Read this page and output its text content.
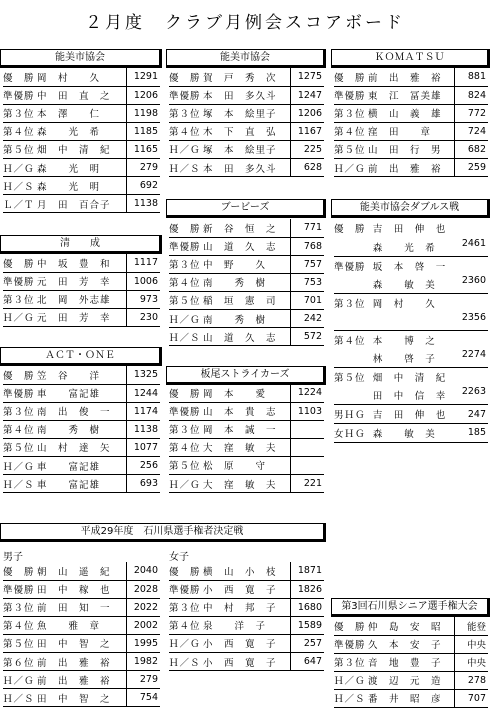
２月度　クラブ月例会スコアボード
能美市協会
優　勝	岡　村　　久	1291
準優勝	中　田　直　之	1206
第３位	本　澤　　仁	1198
第４位	森　　光　希	1185
第５位	畑　中　清　紀	1165
Ｈ／Ｇ	森　　光　明	279
Ｈ／Ｓ	森　　光　明	692
Ｌ／Ｔ	月　田　百合子	1138
清　　成
優　勝	中　坂　豊　和	1117
準優勝	元　田　芳　幸	1006
第３位	北　岡　外志雄	973
Ｈ／Ｇ	元　田　芳　幸	230
ＡＣＴ・ＯＮＥ
優　勝	笠　谷　　洋	1325
準優勝	車　　富記雄	1244
第３位	南　出　俊　一	1174
第４位	南　　秀　樹	1138
第５位	山　村　達　矢	1077
Ｈ／Ｇ	車　　富記雄	256
Ｈ／Ｓ	車　　富記雄	693
能美市協会
優　勝	賀　戸　秀　次	1275
準優勝	本　田　多久斗	1247
第３位	塚　本　絵里子	1206
第４位	木　下　直　弘	1167
Ｈ／Ｇ	塚　本　絵里子	225
Ｈ／Ｓ	本　田　多久斗	628
ブービーズ
優　勝	新　谷　恒　之	771
準優勝	山　道　久　志	768
第３位	中　野　　久	757
第４位	南　　秀　樹	753
第５位	稲　垣　憲　司	701
Ｈ／Ｇ	南　　秀　樹	242
Ｈ／Ｓ	山　道　久　志	572
板尾ストライカーズ
優　勝	岡　本　　愛	1224
準優勝	山　本　貴　志	1103
第３位	岡　本　誠　一	
第４位	大　窪　敏　夫	
第５位	松　原　　守	
Ｈ／Ｇ	大　窪　敏　夫	221
ＫＯＭＡＴＳＵ
優　勝	前　出　雅　裕	881
準優勝	東　江　冨美雄	824
第３位	横　山　義　雄	772
第４位	窪　田　　章	724
第５位	山　田　行　男	682
Ｈ／Ｇ	前　出　雅　裕	259
能美市協会ダブルス戦
優　勝	吉　田　伸　也	
	森　　光　希	2461
準優勝	坂　本　啓　一	
	森　　敏　美	2360
第３位	岡　村　　久	
		2356
第４位	本　　博　之	
	林　　啓　子	2274
第５位	畑　中　清　紀	
	田　中　信　幸	2263
男ＨＧ	吉　田　伸　也	247
女ＨＧ	森　　敏　美	185
平成29年度　石川県選手権者決定戦
男子	女子
優　勝	朝　山　遥　紀	2040
準優勝	田　中　稼　也	2028
第３位	前　田　知　一	2022
第４位	魚　　雅　章	2002
第５位	田　中　智　之	1995
第６位	前　出　雅　裕	1982
Ｈ／Ｇ	前　出　雅　裕	279
Ｈ／Ｓ	田　中　智　之	754
優　勝	横　山　小　枝	1871
準優勝	小　西　寛　子	1826
第３位	中　村　邦　子	1680
第４位	泉　　洋　子	1589
Ｈ／Ｇ	小　西　寛　子	257
Ｈ／Ｓ	小　西　寛　子	647
第3回石川県シニア選手権大会
優　勝	仲　島　安　昭	能登
準優勝	久　本　安　子	中央
第３位	音　地　豊　子	中央
Ｈ／Ｇ	渡　辺　元　造	278
Ｈ／Ｓ	番　井　昭　彦	707
